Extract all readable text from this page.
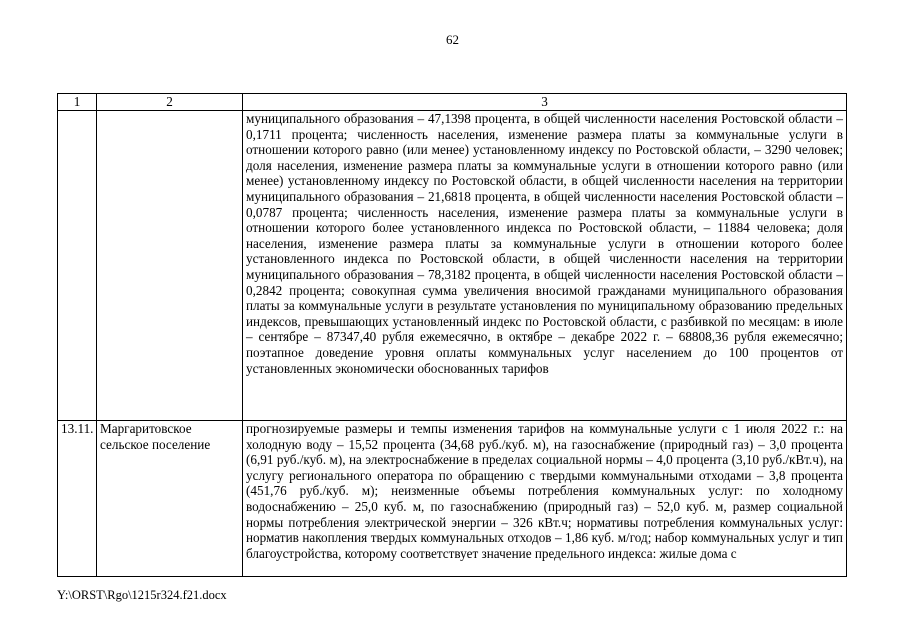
62
1	2	3
		муниципального образования – 47,1398 процента, в общей численности населения Ростовской области – 0,1711 процента; численность населения, изменение размера платы за коммунальные услуги в отношении которого равно (или менее) установленному индексу по Ростовской области, – 3290 человек; доля населения, изменение размера платы за коммунальные услуги в отношении которого равно (или менее) установленному индексу по Ростовской области, в общей численности населения на территории муниципального образования – 21,6818 процента, в общей численности населения Ростовской области – 0,0787 процента; численность населения, изменение размера платы за коммунальные услуги в отношении которого более установленного индекса по Ростовской области, – 11884 человека; доля населения, изменение размера платы за коммунальные услуги в отношении которого более установленного индекса по Ростовской области, в общей численности населения на территории муниципального образования – 78,3182 процента, в общей численности населения Ростовской области – 0,2842 процента; совокупная сумма увеличения вносимой гражданами муниципального образования платы за коммунальные услуги в результате установления по муниципальному образованию предельных индексов, превышающих установленный индекс по Ростовской области, с разбивкой по месяцам: в июле – сентябре – 87347,40 рубля ежемесячно, в октябре – декабре 2022 г. – 68808,36 рубля ежемесячно; поэтапное доведение уровня оплаты коммунальных услуг населением до 100 процентов от установленных экономически обоснованных тарифов
13.11.	Маргаритовское сельское поселение	прогнозируемые размеры и темпы изменения тарифов на коммунальные услуги с 1 июля 2022 г.: на холодную воду – 15,52 процента (34,68 руб./куб. м), на газоснабжение (природный газ) – 3,0 процента (6,91 руб./куб. м), на электроснабжение в пределах социальной нормы – 4,0 процента (3,10 руб./кВт.ч), на услугу регионального оператора по обращению с твердыми коммунальными отходами – 3,8 процента (451,76 руб./куб. м); неизменные объемы потребления коммунальных услуг: по холодному водоснабжению – 25,0 куб. м, по газоснабжению (природный газ) – 52,0 куб. м, размер социальной нормы потребления электрической энергии – 326 кВт.ч; нормативы потребления коммунальных услуг: норматив накопления твердых коммунальных отходов – 1,86 куб. м/год; набор коммунальных услуг и тип благоустройства, которому соответствует значение предельного индекса: жилые дома с
Y:\ORST\Rgo\1215r324.f21.docx
